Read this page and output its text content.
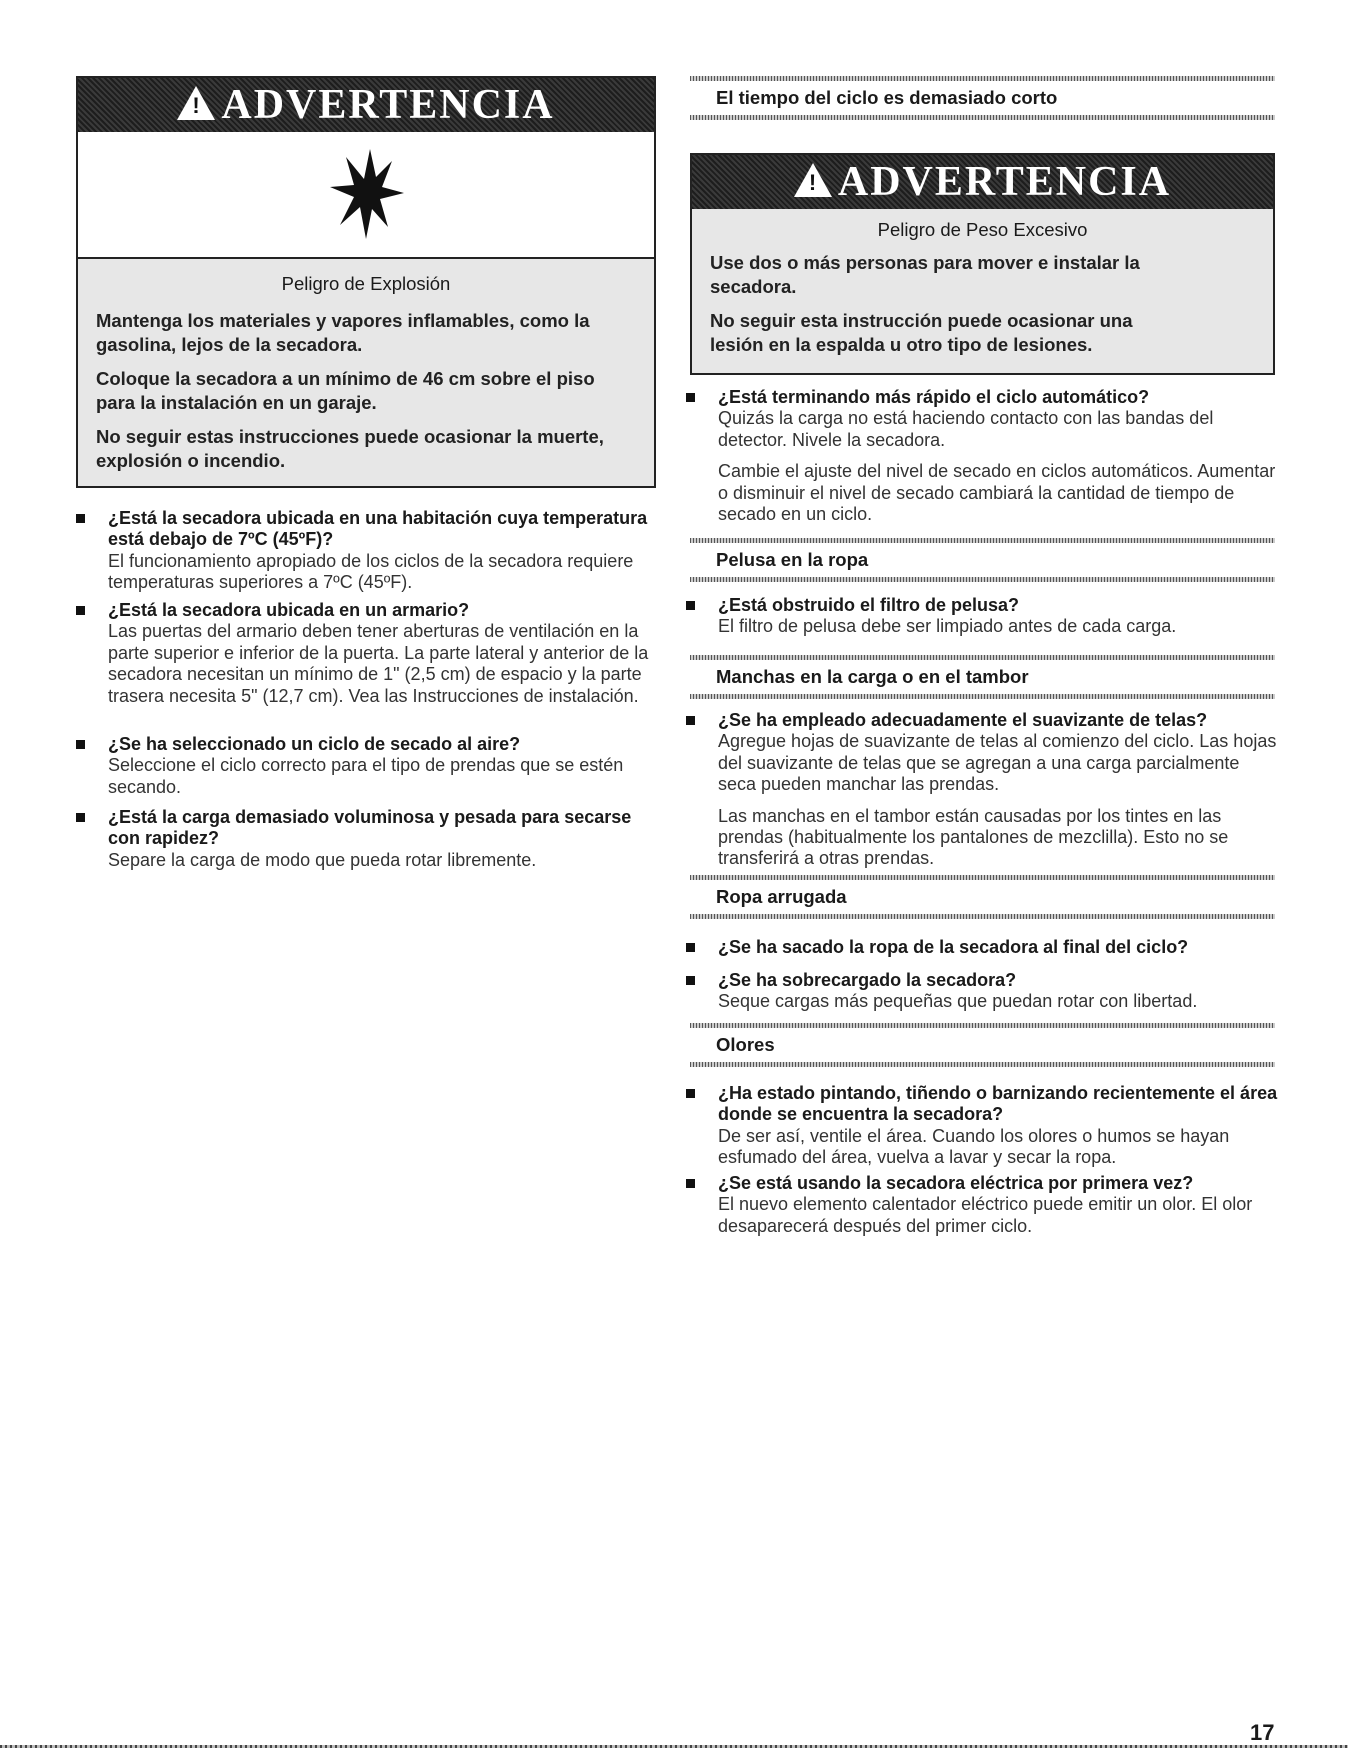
!
ADVERTENCIA
Peligro de Explosión

Mantenga los materiales y vapores inflamables, como la gasolina, lejos de la secadora.

Coloque la secadora a un mínimo de 46 cm sobre el piso para la instalación en un garaje.

No seguir estas instrucciones puede ocasionar la muerte, explosión o incendio.

¿Está la secadora ubicada en una habitación cuya temperatura está debajo de 7ºC (45ºF)?
El funcionamiento apropiado de los ciclos de la secadora requiere temperaturas superiores a 7ºC (45ºF).
¿Está la secadora ubicada en un armario?
Las puertas del armario deben tener aberturas de ventilación en la parte superior e inferior de la puerta. La parte lateral y anterior de la secadora necesitan un mínimo de 1" (2,5 cm) de espacio y la parte trasera necesita 5" (12,7 cm). Vea las Instrucciones de instalación.
¿Se ha seleccionado un ciclo de secado al aire?
Seleccione el ciclo correcto para el tipo de prendas que se estén secando.
¿Está la carga demasiado voluminosa y pesada para secarse con rapidez?
Separe la carga de modo que pueda rotar libremente.
El tiempo del ciclo es demasiado corto
!
ADVERTENCIA
Peligro de Peso Excesivo

Use dos o más personas para mover e instalar la secadora.

No seguir esta instrucción puede ocasionar una lesión en la espalda u otro tipo de lesiones.

¿Está terminando más rápido el ciclo automático?
Quizás la carga no está haciendo contacto con las bandas del detector. Nivele la secadora.
Cambie el ajuste del nivel de secado en ciclos automáticos. Aumentar o disminuir el nivel de secado cambiará la cantidad de tiempo de secado en un ciclo.
Pelusa en la ropa
¿Está obstruido el filtro de pelusa?
El filtro de pelusa debe ser limpiado antes de cada carga.
Manchas en la carga o en el tambor
¿Se ha empleado adecuadamente el suavizante de telas?
Agregue hojas de suavizante de telas al comienzo del ciclo. Las hojas del suavizante de telas que se agregan a una carga parcialmente seca pueden manchar las prendas.
Las manchas en el tambor están causadas por los tintes en las prendas (habitualmente los pantalones de mezclilla). Esto no se transferirá a otras prendas.
Ropa arrugada
¿Se ha sacado la ropa de la secadora al final del ciclo?
¿Se ha sobrecargado la secadora?
Seque cargas más pequeñas que puedan rotar con libertad.
Olores
¿Ha estado pintando, tiñendo o barnizando recientemente el área donde se encuentra la secadora?
De ser así, ventile el área. Cuando los olores o humos se hayan esfumado del área, vuelva a lavar y secar la ropa.
¿Se está usando la secadora eléctrica por primera vez?
El nuevo elemento calentador eléctrico puede emitir un olor. El olor desaparecerá después del primer ciclo.
17
